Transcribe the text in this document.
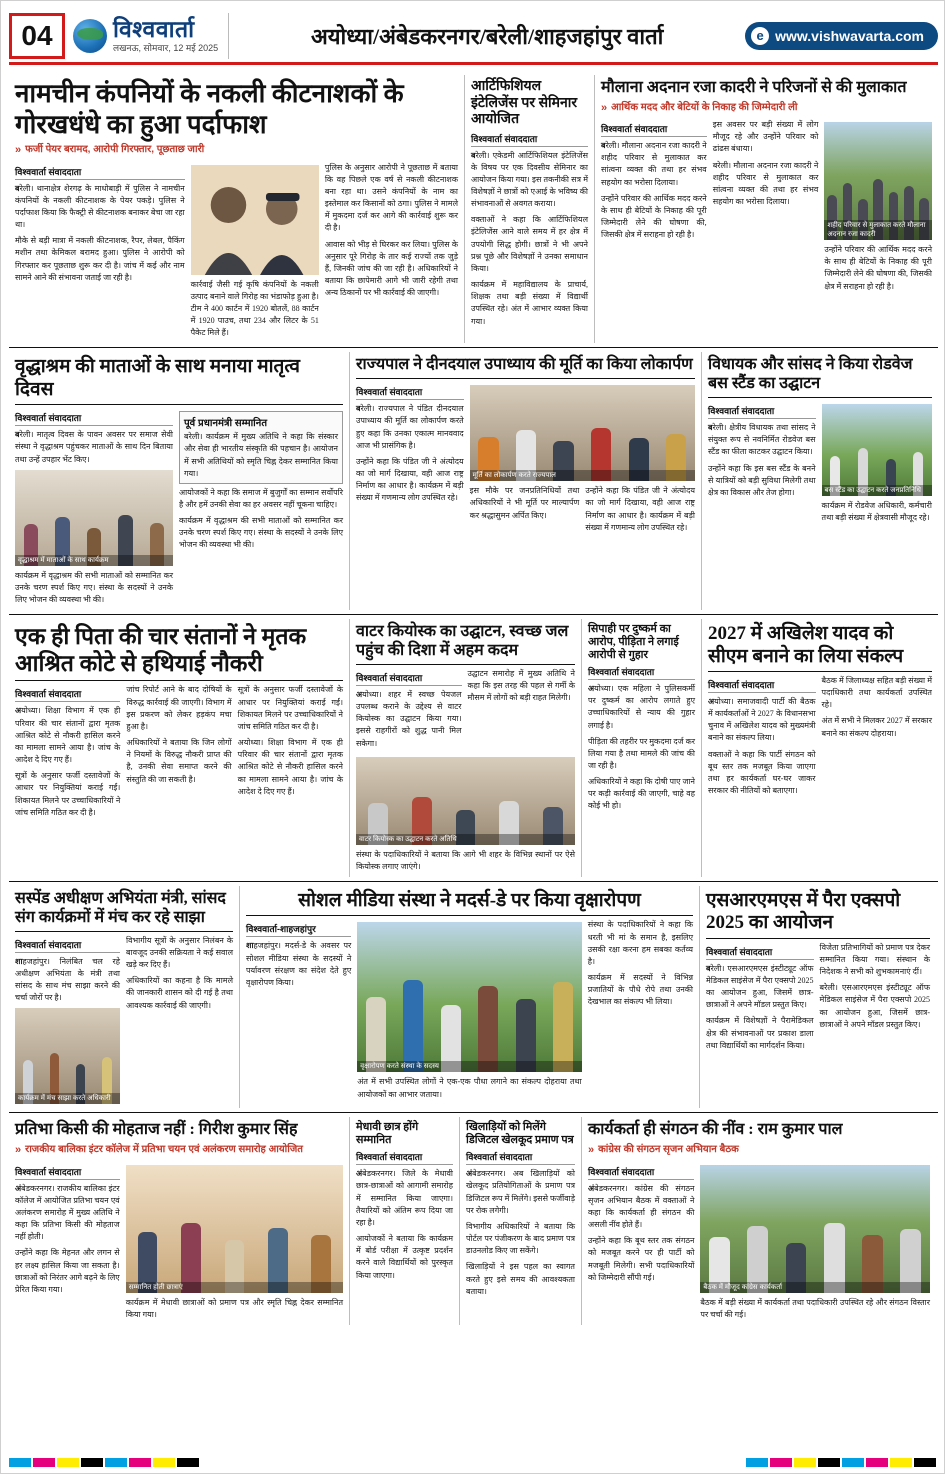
04	विश्ववार्ता
लखनऊ, सोमवार, 12 मई 2025	अयोध्या/अंबेडकरनगर/बरेली/शाहजहांपुर वार्ता	e www.vishwavarta.com
नामचीन कंपनियों के नकली कीटनाशकों के गोरखधंधे का हुआ पर्दाफाश
» फर्जी पेयर बरामद, आरोपी गिरफ्तार, पूछताछ जारी
विश्ववार्ता संवाददाता

बरेली। थानाक्षेत्र शेरगढ़ के माधोबाड़ी में पुलिस ने नामचीन कंपनियों के नकली कीटनाशक के पेयर पकड़े। पुलिस ने पर्दाफाश किया कि फैक्ट्री से कीटनाशक बनाकर बेचा जा रहा था।

मौके से बड़ी मात्रा में नकली कीटनाशक, रैपर, लेबल, पैकिंग मशीन तथा केमिकल बरामद हुआ। पुलिस ने आरोपी को गिरफ्तार कर पूछताछ शुरू कर दी है। जांच में कई और नाम सामने आने की संभावना जताई जा रही है।

कार्रवाई जैसी गई कृषि कंपनियों के नकली उत्पाद बनाने वाले गिरोह का भंडाफोड़ हुआ है। टीम ने 400 कार्टन में 1920 बोतलें, 88 कार्टन में 1920 पाउच, तथा 234 और लिटर के 51 पैकेट मिले हैं।

पुलिस के अनुसार आरोपी ने पूछताछ में बताया कि वह पिछले एक वर्ष से नकली कीटनाशक बना रहा था। उसने कंपनियों के नाम का इस्तेमाल कर किसानों को ठगा। पुलिस ने मामले में मुकदमा दर्ज कर आगे की कार्रवाई शुरू कर दी है।

आवास को भीड़ से घिरकर कर लिया। पुलिस के अनुसार पूरे गिरोह के तार कई राज्यों तक जुड़े हैं, जिनकी जांच की जा रही है। अधिकारियों ने बताया कि छापेमारी आगे भी जारी रहेगी तथा अन्य ठिकानों पर भी कार्रवाई की जाएगी।

आर्टिफिशियल इंटेलिजेंस पर सेमिनार आयोजित
विश्ववार्ता संवाददाता

बरेली। एकेडमी आर्टिफिशियल इंटेलिजेंस के विषय पर एक दिवसीय सेमिनार का आयोजन किया गया। इस तकनीकी सत्र में विशेषज्ञों ने छात्रों को एआई के भविष्य की संभावनाओं से अवगत कराया।

वक्ताओं ने कहा कि आर्टिफिशियल इंटेलिजेंस आने वाले समय में हर क्षेत्र में उपयोगी सिद्ध होगी। छात्रों ने भी अपने प्रश्न पूछे और विशेषज्ञों ने उनका समाधान किया।

कार्यक्रम में महाविद्यालय के प्राचार्य, शिक्षक तथा बड़ी संख्या में विद्यार्थी उपस्थित रहे। अंत में आभार व्यक्त किया गया।

मौलाना अदनान रजा कादरी ने परिजनों से की मुलाकात
» आर्थिक मदद और बेटियों के निकाह की जिम्मेदारी ली
विश्ववार्ता संवाददाता

बरेली। मौलाना अदनान रजा कादरी ने शहीद परिवार से मुलाकात कर सांत्वना व्यक्त की तथा हर संभव सहयोग का भरोसा दिलाया।

उन्होंने परिवार की आर्थिक मदद करने के साथ ही बेटियों के निकाह की पूरी जिम्मेदारी लेने की घोषणा की, जिसकी क्षेत्र में सराहना हो रही है।

इस अवसर पर बड़ी संख्या में लोग मौजूद रहे और उन्होंने परिवार को ढांढस बंधाया।

बरेली। मौलाना अदनान रजा कादरी ने शहीद परिवार से मुलाकात कर सांत्वना व्यक्त की तथा हर संभव सहयोग का भरोसा दिलाया।

शहीद परिवार से मुलाकात करते मौलाना अदनान रजा कादरी

उन्होंने परिवार की आर्थिक मदद करने के साथ ही बेटियों के निकाह की पूरी जिम्मेदारी लेने की घोषणा की, जिसकी क्षेत्र में सराहना हो रही है।

वृद्धाश्रम की माताओं के साथ मनाया मातृत्व दिवस
विश्ववार्ता संवाददाता

बरेली। मातृत्व दिवस के पावन अवसर पर समाज सेवी संस्था ने वृद्धाश्रम पहुंचकर माताओं के साथ दिन बिताया तथा उन्हें उपहार भेंट किए।

वृद्धाश्रम में माताओं के साथ कार्यक्रम

कार्यक्रम में वृद्धाश्रम की सभी माताओं को सम्मानित कर उनके चरण स्पर्श किए गए। संस्था के सदस्यों ने उनके लिए भोजन की व्यवस्था भी की।

पूर्व प्रधानमंत्री सम्मानित

बरेली। कार्यक्रम में मुख्य अतिथि ने कहा कि संस्कार और सेवा ही भारतीय संस्कृति की पहचान है। आयोजन में सभी अतिथियों को स्मृति चिह्न देकर सम्मानित किया गया।

आयोजकों ने कहा कि समाज में बुजुर्गों का सम्मान सर्वोपरि है और हमें उनकी सेवा का हर अवसर नहीं चूकना चाहिए।

कार्यक्रम में वृद्धाश्रम की सभी माताओं को सम्मानित कर उनके चरण स्पर्श किए गए। संस्था के सदस्यों ने उनके लिए भोजन की व्यवस्था भी की।

राज्यपाल ने दीनदयाल उपाध्याय की मूर्ति का किया लोकार्पण
विश्ववार्ता संवाददाता

बरेली। राज्यपाल ने पंडित दीनदयाल उपाध्याय की मूर्ति का लोकार्पण करते हुए कहा कि उनका एकात्म मानववाद आज भी प्रासंगिक है।

उन्होंने कहा कि पंडित जी ने अंत्योदय का जो मार्ग दिखाया, वही आज राष्ट्र निर्माण का आधार है। कार्यक्रम में बड़ी संख्या में गणमान्य लोग उपस्थित रहे।

मूर्ति का लोकार्पण करते राज्यपाल

इस मौके पर जनप्रतिनिधियों तथा अधिकारियों ने भी मूर्ति पर माल्यार्पण कर श्रद्धासुमन अर्पित किए।

उन्होंने कहा कि पंडित जी ने अंत्योदय का जो मार्ग दिखाया, वही आज राष्ट्र निर्माण का आधार है। कार्यक्रम में बड़ी संख्या में गणमान्य लोग उपस्थित रहे।

विधायक और सांसद ने किया रोडवेज बस स्टैंड का उद्घाटन
विश्ववार्ता संवाददाता

बरेली। क्षेत्रीय विधायक तथा सांसद ने संयुक्त रूप से नवनिर्मित रोडवेज बस स्टैंड का फीता काटकर उद्घाटन किया।

उन्होंने कहा कि इस बस स्टैंड के बनने से यात्रियों को बड़ी सुविधा मिलेगी तथा क्षेत्र का विकास और तेज होगा।	बस स्टैंड का उद्घाटन करते जनप्रतिनिधि

कार्यक्रम में रोडवेज अधिकारी, कर्मचारी तथा बड़ी संख्या में क्षेत्रवासी मौजूद रहे।

एक ही पिता की चार संतानों ने मृतक आश्रित कोटे से हथियाई नौकरी
विश्ववार्ता संवाददाता

अयोध्या। शिक्षा विभाग में एक ही परिवार की चार संतानों द्वारा मृतक आश्रित कोटे से नौकरी हासिल करने का मामला सामने आया है। जांच के आदेश दे दिए गए हैं।

सूत्रों के अनुसार फर्जी दस्तावेजों के आधार पर नियुक्तियां कराई गईं। शिकायत मिलने पर उच्चाधिकारियों ने जांच समिति गठित कर दी है।

जांच रिपोर्ट आने के बाद दोषियों के विरुद्ध कार्रवाई की जाएगी। विभाग में इस प्रकरण को लेकर हड़कंप मचा हुआ है।

अधिकारियों ने बताया कि जिन लोगों ने नियमों के विरुद्ध नौकरी प्राप्त की है, उनकी सेवा समाप्त करने की संस्तुति की जा सकती है।

सूत्रों के अनुसार फर्जी दस्तावेजों के आधार पर नियुक्तियां कराई गईं। शिकायत मिलने पर उच्चाधिकारियों ने जांच समिति गठित कर दी है।

अयोध्या। शिक्षा विभाग में एक ही परिवार की चार संतानों द्वारा मृतक आश्रित कोटे से नौकरी हासिल करने का मामला सामने आया है। जांच के आदेश दे दिए गए हैं।

वाटर कियोस्क का उद्घाटन, स्वच्छ जल पहुंच की दिशा में अहम कदम
विश्ववार्ता संवाददाता

अयोध्या। शहर में स्वच्छ पेयजल उपलब्ध कराने के उद्देश्य से वाटर कियोस्क का उद्घाटन किया गया। इससे राहगीरों को शुद्ध पानी मिल सकेगा।

उद्घाटन समारोह में मुख्य अतिथि ने कहा कि इस तरह की पहल से गर्मी के मौसम में लोगों को बड़ी राहत मिलेगी।

वाटर कियोस्क का उद्घाटन करते अतिथि

संस्था के पदाधिकारियों ने बताया कि आगे भी शहर के विभिन्न स्थानों पर ऐसे कियोस्क लगाए जाएंगे।

सिपाही पर दुष्कर्म का आरोप, पीड़िता ने लगाई आरोपी से गुहार
विश्ववार्ता संवाददाता

अयोध्या। एक महिला ने पुलिसकर्मी पर दुष्कर्म का आरोप लगाते हुए उच्चाधिकारियों से न्याय की गुहार लगाई है।

पीड़िता की तहरीर पर मुकदमा दर्ज कर लिया गया है तथा मामले की जांच की जा रही है।

अधिकारियों ने कहा कि दोषी पाए जाने पर कड़ी कार्रवाई की जाएगी, चाहे वह कोई भी हो।

2027 में अखिलेश यादव को सीएम बनाने का लिया संकल्प
विश्ववार्ता संवाददाता

अयोध्या। समाजवादी पार्टी की बैठक में कार्यकर्ताओं ने 2027 के विधानसभा चुनाव में अखिलेश यादव को मुख्यमंत्री बनाने का संकल्प लिया।

वक्ताओं ने कहा कि पार्टी संगठन को बूथ स्तर तक मजबूत किया जाएगा तथा हर कार्यकर्ता घर-घर जाकर सरकार की नीतियों को बताएगा।

बैठक में जिलाध्यक्ष सहित बड़ी संख्या में पदाधिकारी तथा कार्यकर्ता उपस्थित रहे।

अंत में सभी ने मिलकर 2027 में सरकार बनाने का संकल्प दोहराया।

सस्पेंड अधीक्षण अभियंता मंत्री, सांसद संग कार्यक्रमों में मंच कर रहे साझा
विश्ववार्ता संवाददाता

शाहजहांपुर। निलंबित चल रहे अधीक्षण अभियंता के मंत्री तथा सांसद के साथ मंच साझा करने की चर्चा जोरों पर है।

कार्यक्रम में मंच साझा करते अधिकारी

विभागीय सूत्रों के अनुसार निलंबन के बावजूद उनकी सक्रियता ने कई सवाल खड़े कर दिए हैं।

अधिकारियों का कहना है कि मामले की जानकारी शासन को दी गई है तथा आवश्यक कार्रवाई की जाएगी।

सोशल मीडिया संस्था ने मदर्स-डे पर किया वृक्षारोपण
विश्ववार्ता-शाहजहांपुर

शाहजहांपुर। मदर्स-डे के अवसर पर सोशल मीडिया संस्था के सदस्यों ने पर्यावरण संरक्षण का संदेश देते हुए वृक्षारोपण किया।

वृक्षारोपण करते संस्था के सदस्य

अंत में सभी उपस्थित लोगों ने एक-एक पौधा लगाने का संकल्प दोहराया तथा आयोजकों का आभार जताया।

संस्था के पदाधिकारियों ने कहा कि धरती भी मां के समान है, इसलिए उसकी रक्षा करना हम सबका कर्तव्य है।

कार्यक्रम में सदस्यों ने विभिन्न प्रजातियों के पौधे रोपे तथा उनकी देखभाल का संकल्प भी लिया।

एसआरएमएस में पैरा एक्सपो 2025 का आयोजन
विश्ववार्ता संवाददाता

बरेली। एसआरएमएस इंस्टीट्यूट ऑफ मेडिकल साइंसेज में पैरा एक्सपो 2025 का आयोजन हुआ, जिसमें छात्र-छात्राओं ने अपने मॉडल प्रस्तुत किए।

कार्यक्रम में विशेषज्ञों ने पैरामेडिकल क्षेत्र की संभावनाओं पर प्रकाश डाला तथा विद्यार्थियों का मार्गदर्शन किया।

विजेता प्रतिभागियों को प्रमाण पत्र देकर सम्मानित किया गया। संस्थान के निदेशक ने सभी को शुभकामनाएं दीं।

बरेली। एसआरएमएस इंस्टीट्यूट ऑफ मेडिकल साइंसेज में पैरा एक्सपो 2025 का आयोजन हुआ, जिसमें छात्र-छात्राओं ने अपने मॉडल प्रस्तुत किए।

प्रतिभा किसी की मोहताज नहीं : गिरीश कुमार सिंह
» राजकीय बालिका इंटर कॉलेज में प्रतिभा चयन एवं अलंकरण समारोह आयोजित
विश्ववार्ता संवाददाता

अंबेडकरनगर। राजकीय बालिका इंटर कॉलेज में आयोजित प्रतिभा चयन एवं अलंकरण समारोह में मुख्य अतिथि ने कहा कि प्रतिभा किसी की मोहताज नहीं होती।

उन्होंने कहा कि मेहनत और लगन से हर लक्ष्य हासिल किया जा सकता है। छात्राओं को निरंतर आगे बढ़ने के लिए प्रेरित किया गया।	सम्मानित होती छात्राएं

कार्यक्रम में मेधावी छात्राओं को प्रमाण पत्र और स्मृति चिह्न देकर सम्मानित किया गया।

मेधावी छात्र होंगे सम्मानित
विश्ववार्ता संवाददाता

अंबेडकरनगर। जिले के मेधावी छात्र-छात्राओं को आगामी समारोह में सम्मानित किया जाएगा। तैयारियों को अंतिम रूप दिया जा रहा है।

आयोजकों ने बताया कि कार्यक्रम में बोर्ड परीक्षा में उत्कृष्ट प्रदर्शन करने वाले विद्यार्थियों को पुरस्कृत किया जाएगा।

खिलाड़ियों को मिलेंगे डिजिटल खेलकूद प्रमाण पत्र
विश्ववार्ता संवाददाता

अंबेडकरनगर। अब खिलाड़ियों को खेलकूद प्रतियोगिताओं के प्रमाण पत्र डिजिटल रूप में मिलेंगे। इससे फर्जीवाड़े पर रोक लगेगी।

विभागीय अधिकारियों ने बताया कि पोर्टल पर पंजीकरण के बाद प्रमाण पत्र डाउनलोड किए जा सकेंगे।

खिलाड़ियों ने इस पहल का स्वागत करते हुए इसे समय की आवश्यकता बताया।

कार्यकर्ता ही संगठन की नींव : राम कुमार पाल
» कांग्रेस की संगठन सृजन अभियान बैठक
विश्ववार्ता संवाददाता

अंबेडकरनगर। कांग्रेस की संगठन सृजन अभियान बैठक में वक्ताओं ने कहा कि कार्यकर्ता ही संगठन की असली नींव होते हैं।

उन्होंने कहा कि बूथ स्तर तक संगठन को मजबूत करने पर ही पार्टी को मजबूती मिलेगी। सभी पदाधिकारियों को जिम्मेदारी सौंपी गई।

बैठक में मौजूद कांग्रेस कार्यकर्ता

बैठक में बड़ी संख्या में कार्यकर्ता तथा पदाधिकारी उपस्थित रहे और संगठन विस्तार पर चर्चा की गई।
